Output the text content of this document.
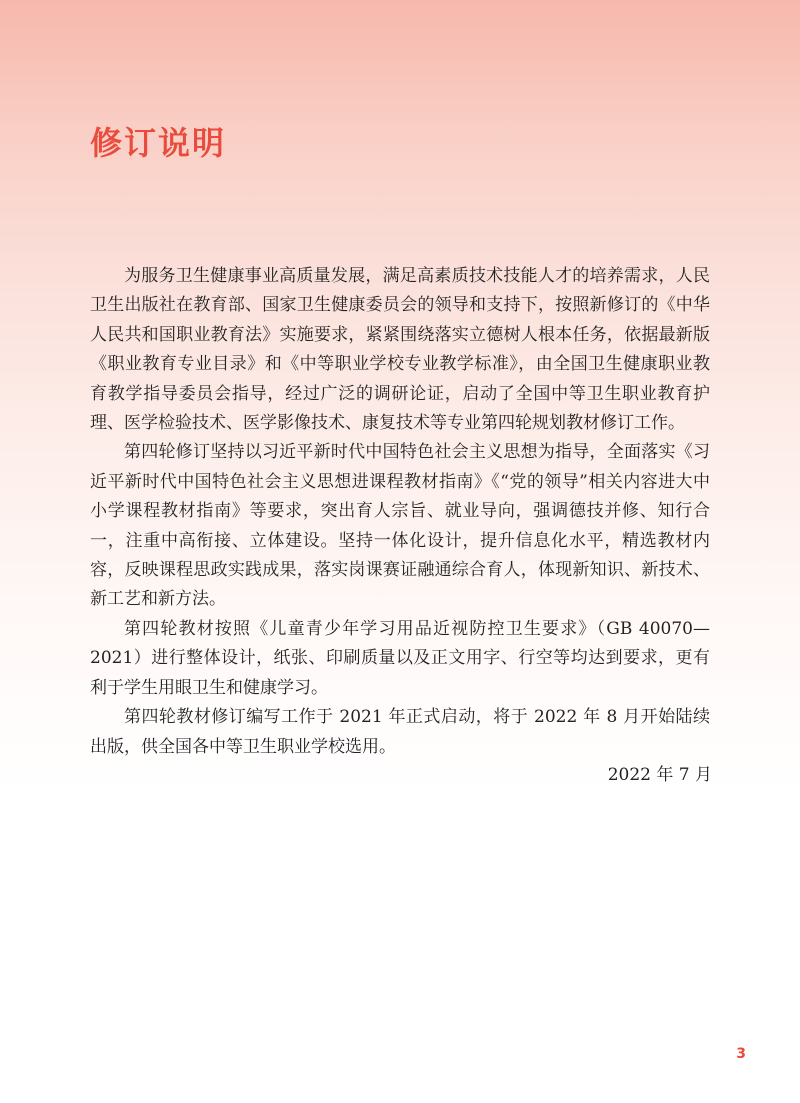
修订说明

为服务卫生健康事业高质量发展，满足高素质技术技能人才的培养需求，人民卫生出版社在教育部、国家卫生健康委员会的领导和支持下，按照新修订的《中华人民共和国职业教育法》实施要求，紧紧围绕落实立德树人根本任务，依据最新版《职业教育专业目录》和《中等职业学校专业教学标准》，由全国卫生健康职业教育教学指导委员会指导，经过广泛的调研论证，启动了全国中等卫生职业教育护理、医学检验技术、医学影像技术、康复技术等专业第四轮规划教材修订工作。

第四轮修订坚持以习近平新时代中国特色社会主义思想为指导，全面落实《习近平新时代中国特色社会主义思想进课程教材指南》《“党的领导”相关内容进大中小学课程教材指南》等要求，突出育人宗旨、就业导向，强调德技并修、知行合一，注重中高衔接、立体建设。坚持一体化设计，提升信息化水平，精选教材内容，反映课程思政实践成果，落实岗课赛证融通综合育人，体现新知识、新技术、新工艺和新方法。

第四轮教材按照《儿童青少年学习用品近视防控卫生要求》（GB 40070—2021）进行整体设计，纸张、印刷质量以及正文用字、行空等均达到要求，更有利于学生用眼卫生和健康学习。

第四轮教材修订编写工作于 2021 年正式启动，将于 2022 年 8 月开始陆续出版，供全国各中等卫生职业学校选用。

2022 年 7 月

3
